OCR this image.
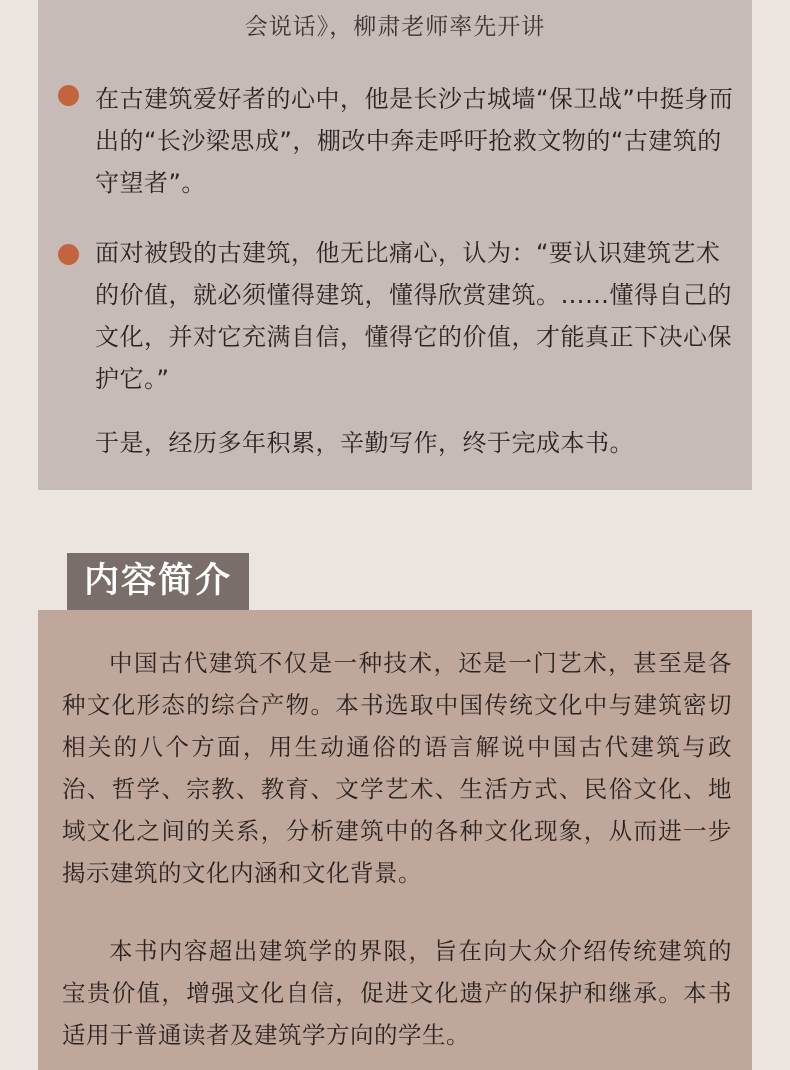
会说话》，柳肃老师率先开讲
在古建筑爱好者的心中，他是长沙古城墙“保卫战”中挺身而出的“长沙梁思成”，棚改中奔走呼吁抢救文物的“古建筑的守望者”。
面对被毁的古建筑，他无比痛心，认为：“要认识建筑艺术的价值，就必须懂得建筑，懂得欣赏建筑。……懂得自己的文化，并对它充满自信，懂得它的价值，才能真正下决心保护它。”
于是，经历多年积累，辛勤写作，终于完成本书。
内容简介
中国古代建筑不仅是一种技术，还是一门艺术，甚至是各种文化形态的综合产物。本书选取中国传统文化中与建筑密切相关的八个方面，用生动通俗的语言解说中国古代建筑与政治、哲学、宗教、教育、文学艺术、生活方式、民俗文化、地域文化之间的关系，分析建筑中的各种文化现象，从而进一步揭示建筑的文化内涵和文化背景。
本书内容超出建筑学的界限，旨在向大众介绍传统建筑的宝贵价值，增强文化自信，促进文化遗产的保护和继承。本书适用于普通读者及建筑学方向的学生。
